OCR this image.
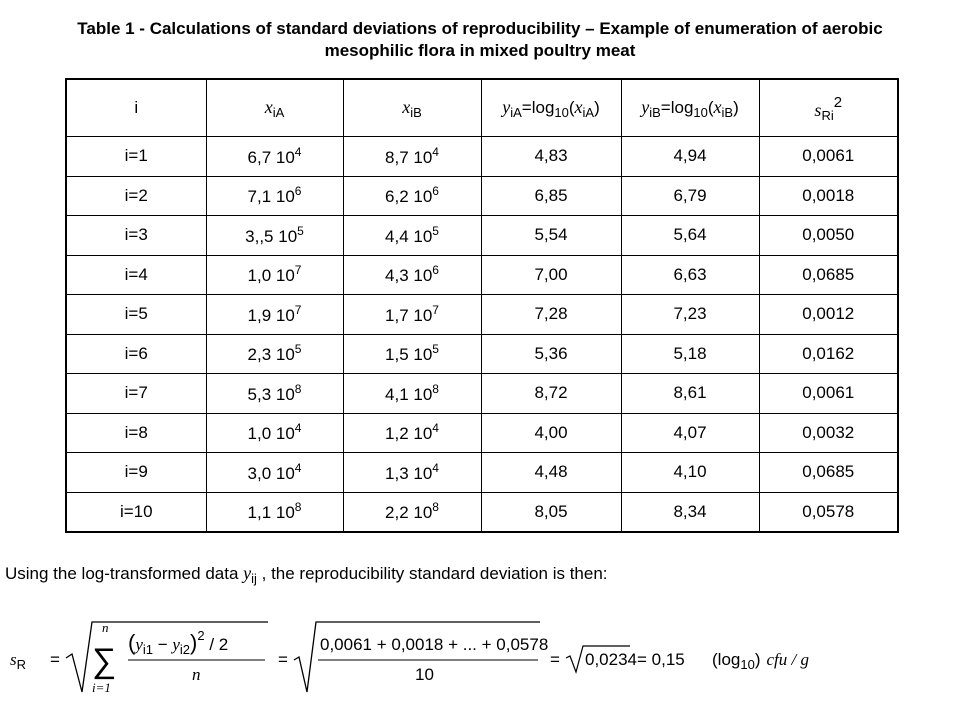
Table 1 - Calculations of standard deviations of reproducibility – Example of enumeration of aerobic
mesophilic flora in mixed poultry meat
i	$x_{iA}$	$x_{iB}$	$y_{iA}=\log_{10}(x_{iA})$	$y_{iB}=\log_{10}(x_{iB})$	$s_{Ri}2$
i=1	6,7 $10^4$	8,7 $10^4$	4,83	4,94	0,0061
i=2	7,1 $10^6$	6,2 $10^6$	6,85	6,79	0,0018
i=3	3,,5 $10^5$	4,4 $10^5$	5,54	5,64	0,0050
i=4	1,0 $10^7$	4,3 $10^6$	7,00	6,63	0,0685
i=5	1,9 $10^7$	1,7 $10^7$	7,28	7,23	0,0012
i=6	2,3 $10^5$	1,5 $10^5$	5,36	5,18	0,0162
i=7	5,3 $10^8$	4,1 $10^8$	8,72	8,61	0,0061
i=8	1,0 $10^4$	1,2 $10^4$	4,00	4,07	0,0032
i=9	3,0 $10^4$	1,3 $10^4$	4,48	4,10	0,0685
i=10	1,1 $10^8$	2,2 $10^8$	8,05	8,34	0,0578
Using the log-transformed data $y_{ij}$ , the reproducibility standard deviation is then:
$s_R$ =
n
∑
i=1
$(y_{i1} - y_{i2})^2 / 2$
n
=
0,0061 + 0,0018 + ... + 0,0578
10
= 0,0234 = 0,15 $(\log_{10})$ cfu / g
